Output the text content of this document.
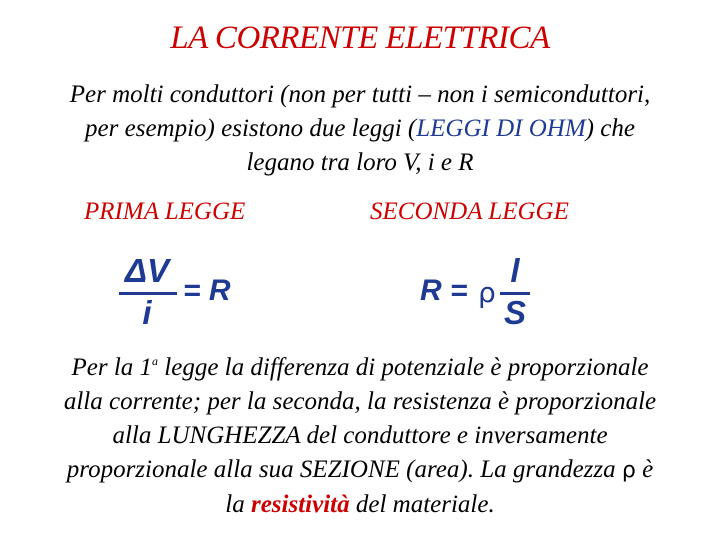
LA CORRENTE ELETTRICA
Per molti conduttori (non per tutti – non i semiconduttori,
per esempio) esistono due leggi (LEGGI DI OHM) che
legano tra loro V, i e R
PRIMA LEGGE	SECONDA LEGGE
ΔV
i
= R	R = ρ
l
S
Per la 1$^a$ legge la differenza di potenziale è proporzionale
alla corrente; per la seconda, la resistenza è proporzionale
alla LUNGHEZZA del conduttore e inversamente
proporzionale alla sua SEZIONE (area). La grandezza ρ è
la resistività del materiale.
